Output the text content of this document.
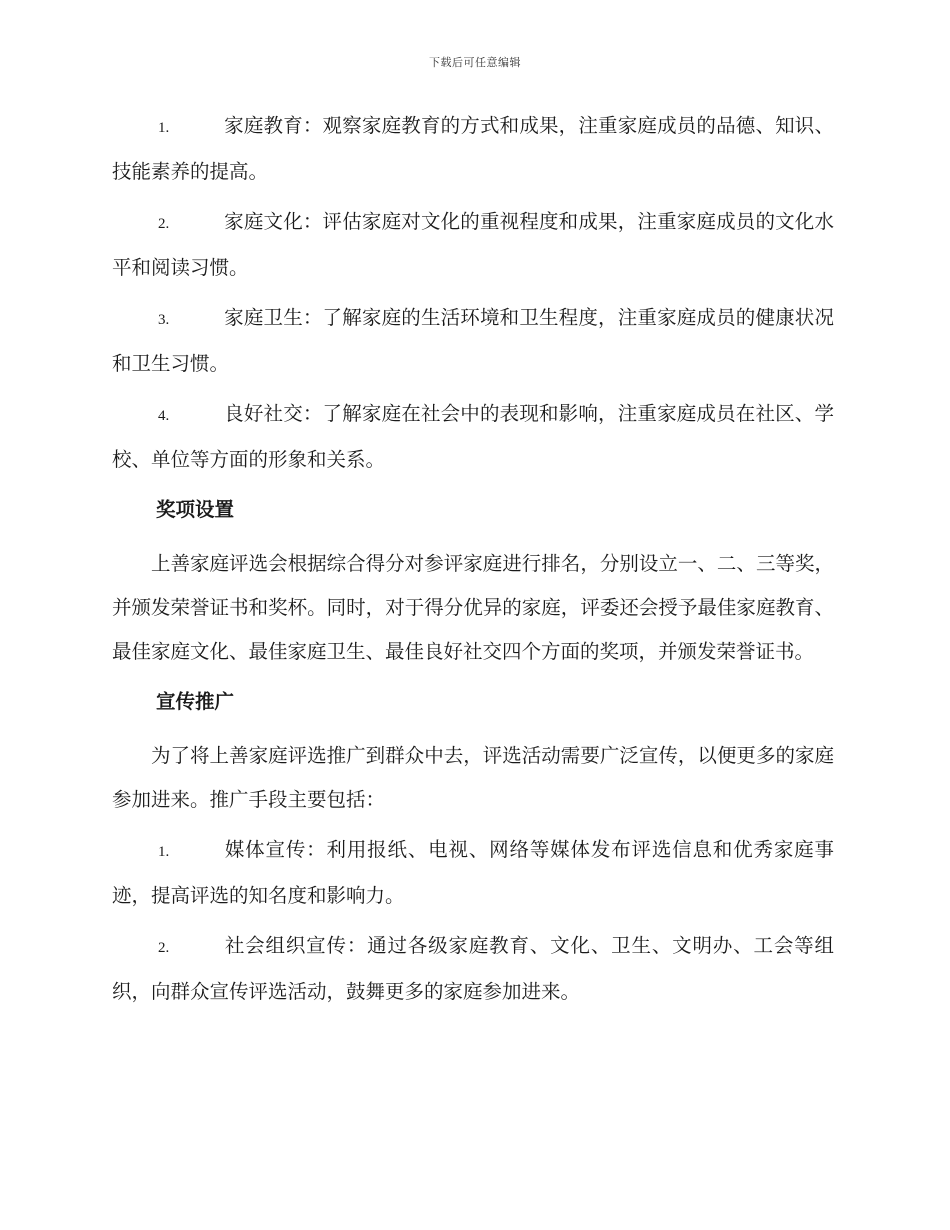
下载后可任意编辑
1.	家庭教育：观察家庭教育的方式和成果，注重家庭成员的品德、知识、技能素养的提高。
2.	家庭文化：评估家庭对文化的重视程度和成果，注重家庭成员的文化水平和阅读习惯。
3.	家庭卫生：了解家庭的生活环境和卫生程度，注重家庭成员的健康状况和卫生习惯。
4.	良好社交：了解家庭在社会中的表现和影响，注重家庭成员在社区、学校、单位等方面的形象和关系。
奖项设置

上善家庭评选会根据综合得分对参评家庭进行排名，分别设立一、二、三等奖，并颁发荣誉证书和奖杯。同时，对于得分优异的家庭，评委还会授予最佳家庭教育、最佳家庭文化、最佳家庭卫生、最佳良好社交四个方面的奖项，并颁发荣誉证书。

宣传推广

为了将上善家庭评选推广到群众中去，评选活动需要广泛宣传，以便更多的家庭参加进来。推广手段主要包括：

1.	媒体宣传：利用报纸、电视、网络等媒体发布评选信息和优秀家庭事迹，提高评选的知名度和影响力。
2.	社会组织宣传：通过各级家庭教育、文化、卫生、文明办、工会等组织，向群众宣传评选活动，鼓舞更多的家庭参加进来。
